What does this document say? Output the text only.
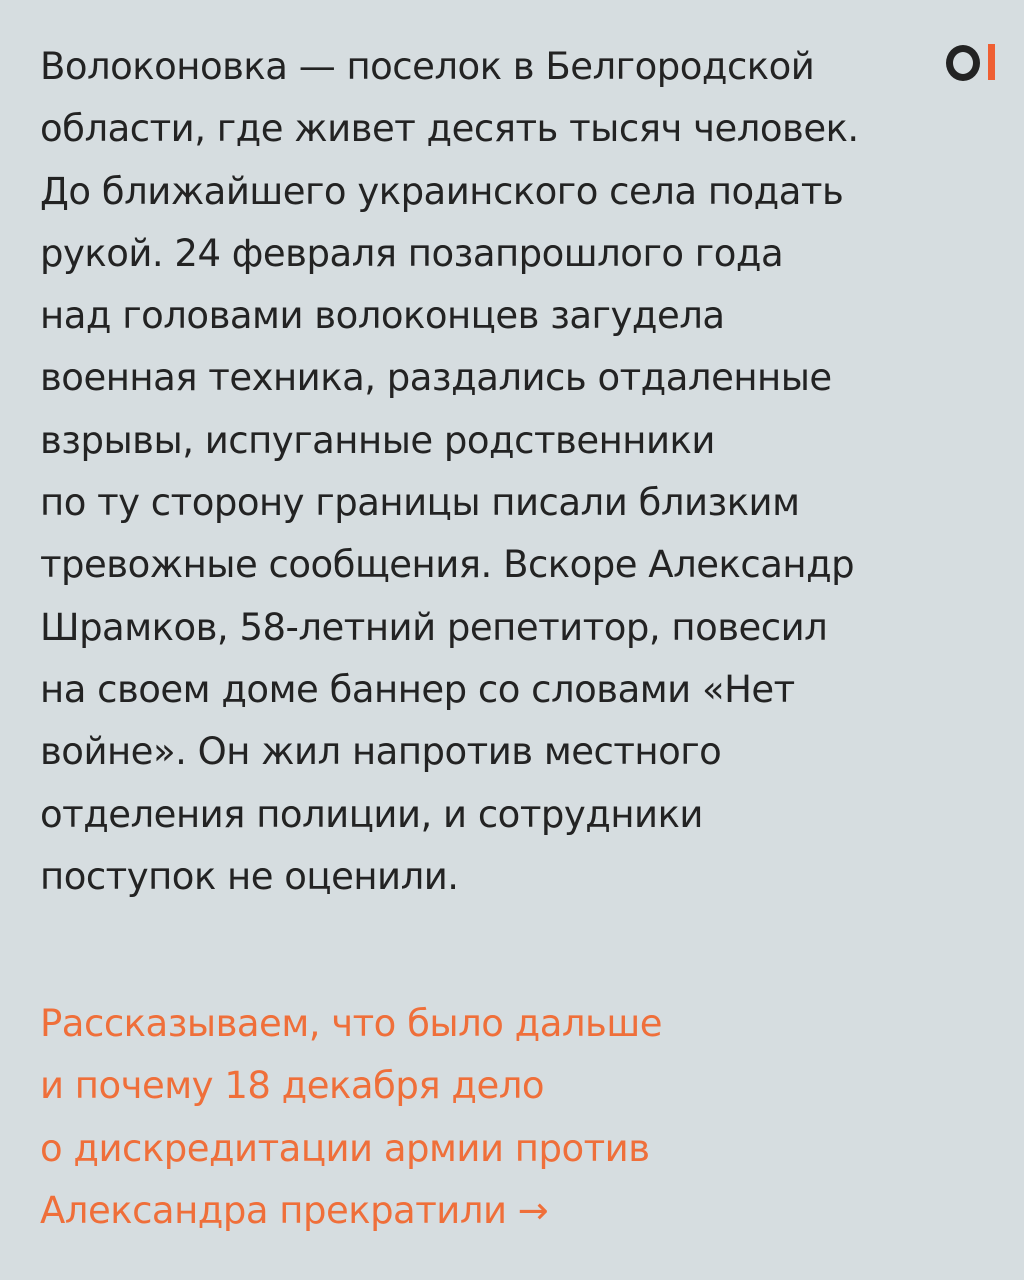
Волоконовка — поселок в Белгородской
области, где живет десять тысяч человек.
До ближайшего украинского села подать
рукой. 24 февраля позапрошлого года
над головами волоконцев загудела
военная техника, раздались отдаленные
взрывы, испуганные родственники
по ту сторону границы писали близким
тревожные сообщения. Вскоре Александр
Шрамков, 58-летний репетитор, повесил
на своем доме баннер со словами «Нет
войне». Он жил напротив местного
отделения полиции, и сотрудники
поступок не оценили.
Рассказываем, что было дальше
и почему 18 декабря дело
о дискредитации армии против
Александра прекратили →
